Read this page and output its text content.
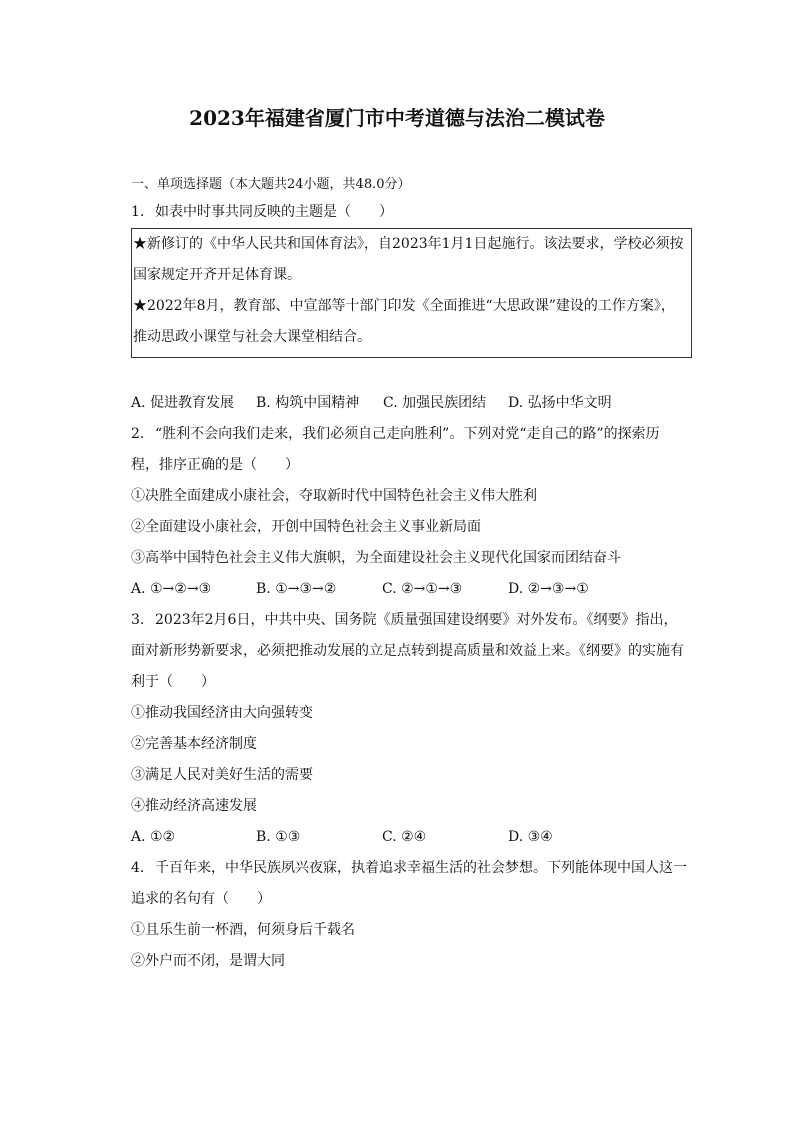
2023年福建省厦门市中考道德与法治二模试卷
一、单项选择题（本大题共24小题，共48.0分）
1. 如表中时事共同反映的主题是（　　）
★新修订的《中华人民共和国体育法》，自2023年1月1日起施行。该法要求，学校必须按
国家规定开齐开足体育课。
★2022年8月，教育部、中宣部等十部门印发《全面推进“大思政课”建设的工作方案》，
推动思政小课堂与社会大课堂相结合。
A. 促进教育发展	B. 构筑中国精神	C. 加强民族团结	D. 弘扬中华文明
2. “胜利不会向我们走来，我们必须自己走向胜利”。下列对党“走自己的路”的探索历
程，排序正确的是（　　）
①决胜全面建成小康社会，夺取新时代中国特色社会主义伟大胜利
②全面建设小康社会，开创中国特色社会主义事业新局面
③高举中国特色社会主义伟大旗帜，为全面建设社会主义现代化国家而团结奋斗
A. ①→②→③	B. ①→③→②	C. ②→①→③	D. ②→③→①
3. 2023年2月6日，中共中央、国务院《质量强国建设纲要》对外发布。《纲要》指出，
面对新形势新要求，必须把推动发展的立足点转到提高质量和效益上来。《纲要》的实施有
利于（　　）
①推动我国经济由大向强转变
②完善基本经济制度
③满足人民对美好生活的需要
④推动经济高速发展
A. ①②	B. ①③	C. ②④	D. ③④
4. 千百年来，中华民族夙兴夜寐，执着追求幸福生活的社会梦想。下列能体现中国人这一
追求的名句有（　　）
①且乐生前一杯酒，何须身后千载名
②外户而不闭，是谓大同
